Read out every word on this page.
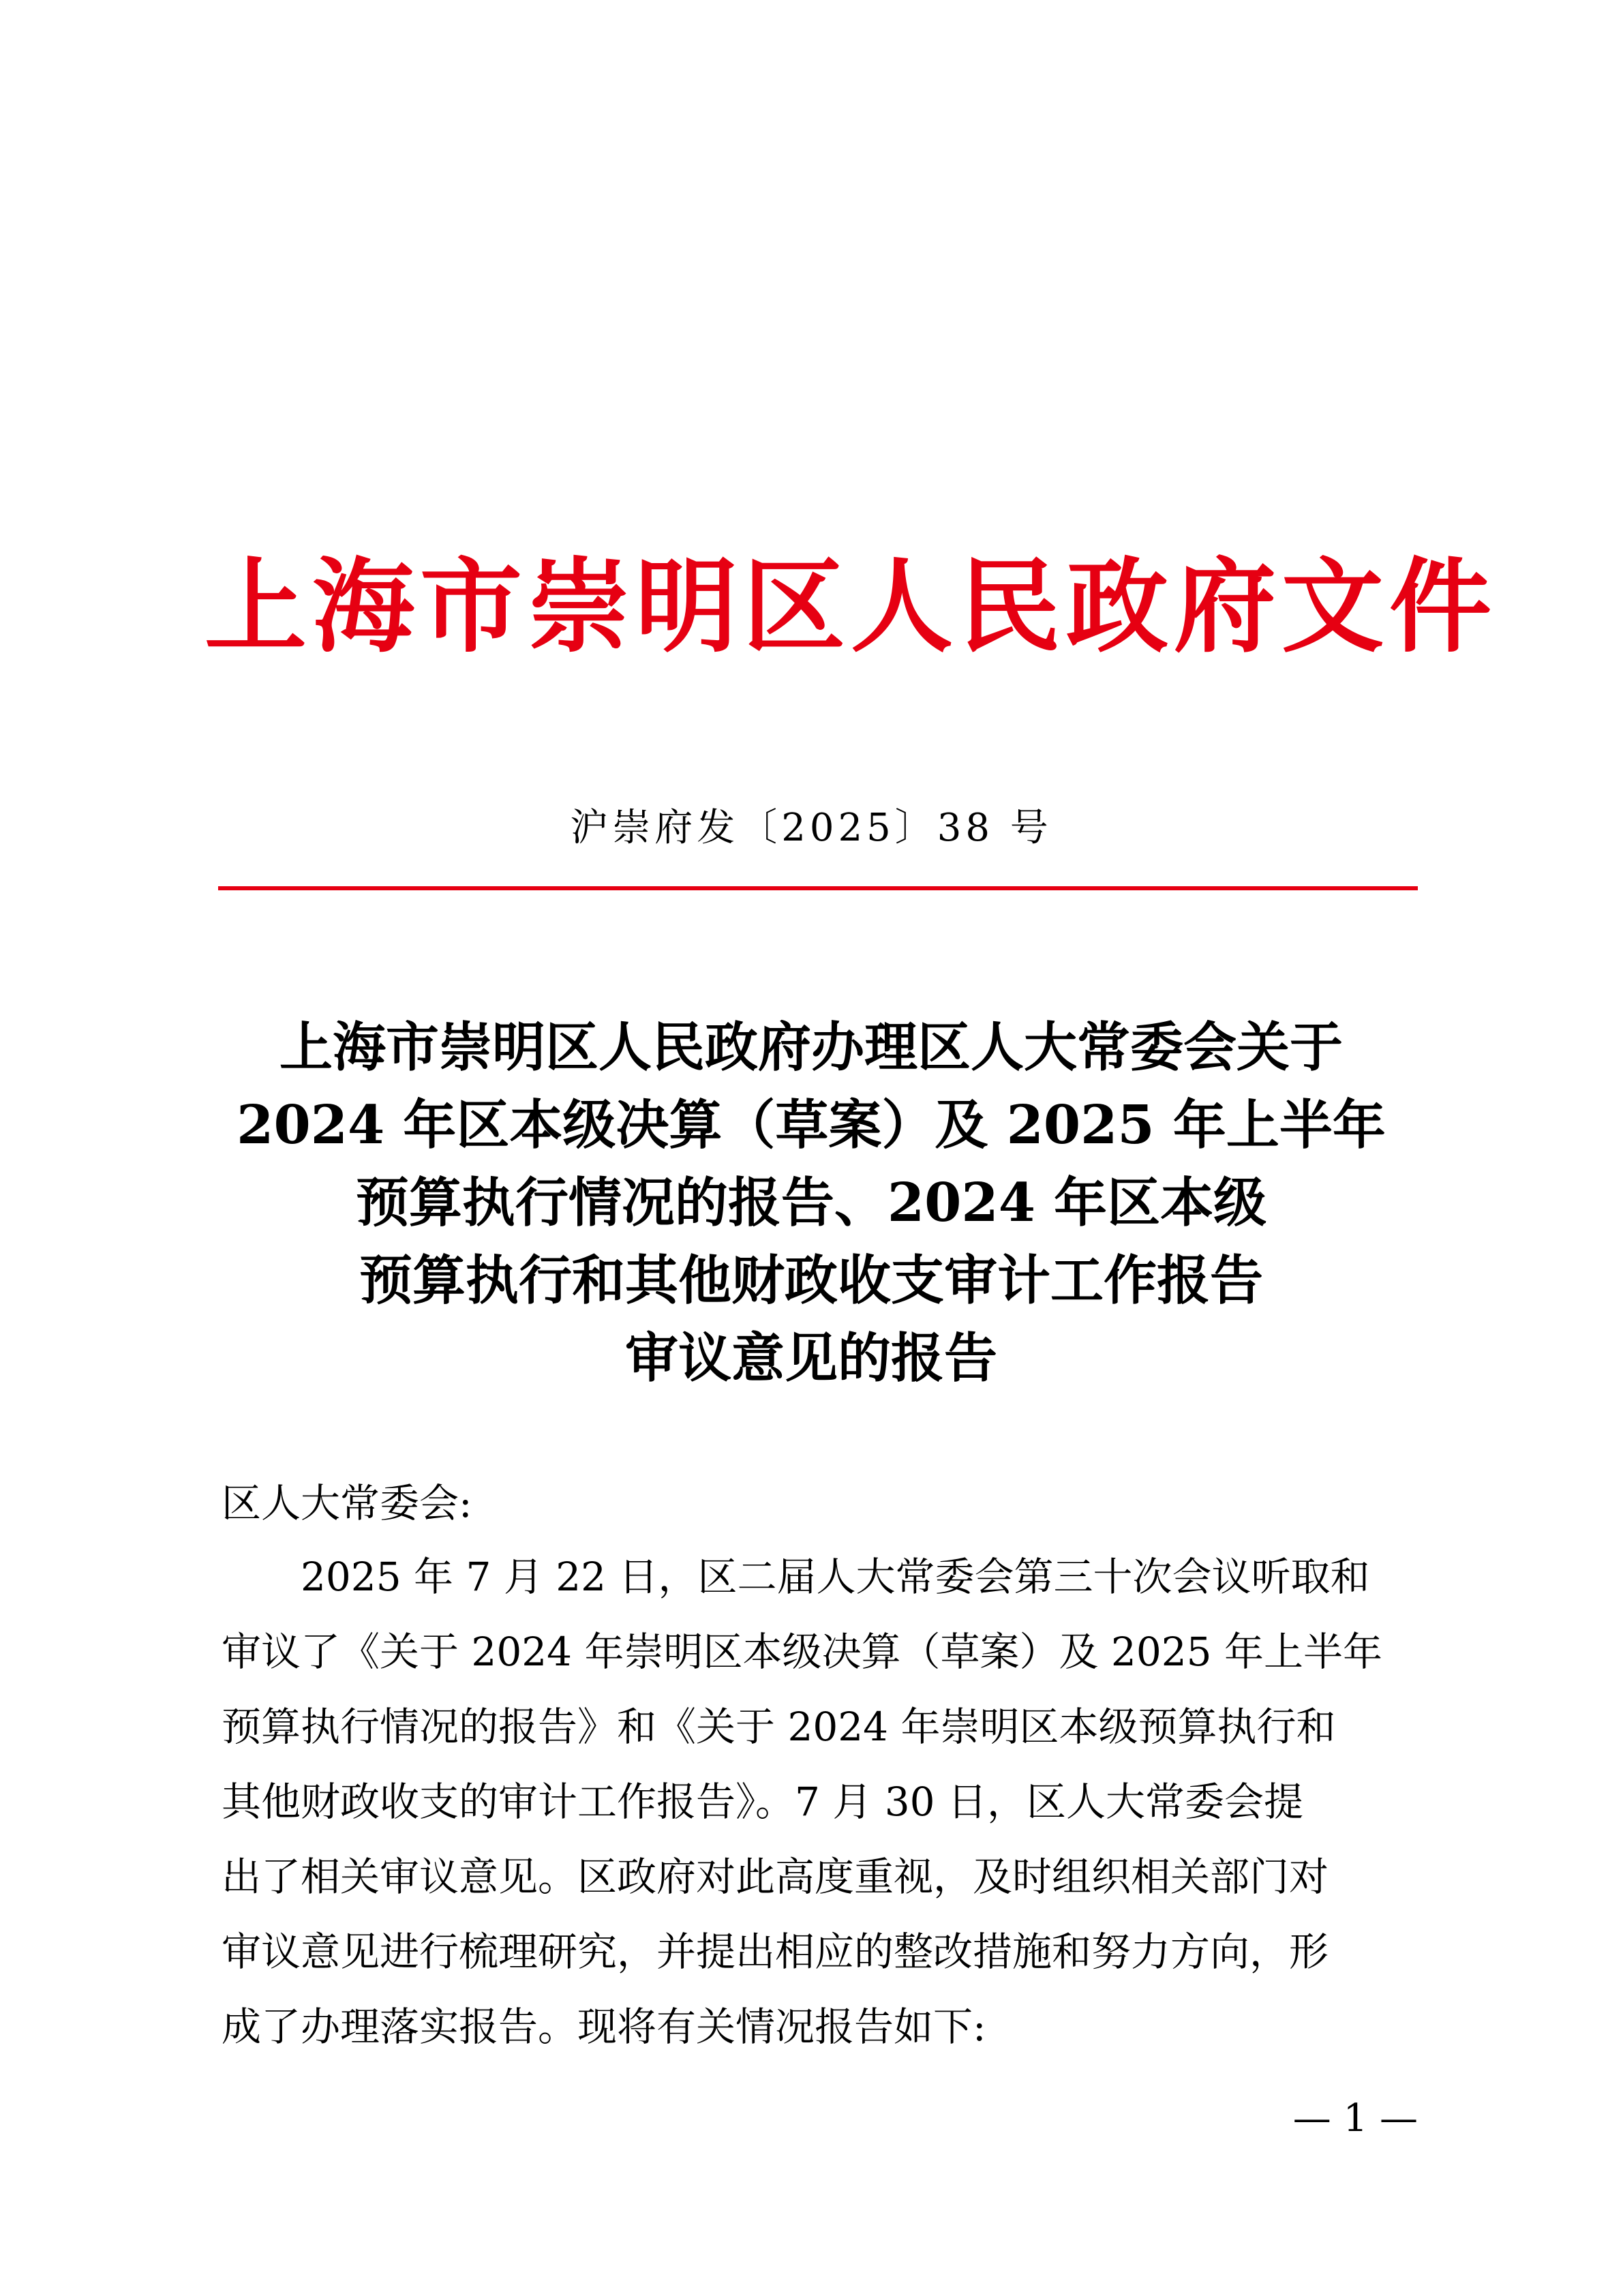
上海市崇明区人民政府文件
沪崇府发〔2025〕38 号
上海市崇明区人民政府办理区人大常委会关于
2024 年区本级决算（草案）及 2025 年上半年
预算执行情况的报告、2024 年区本级
预算执行和其他财政收支审计工作报告
审议意见的报告
区人大常委会:
2025 年 7 月 22 日，区二届人大常委会第三十次会议听取和
审议了《关于 2024 年崇明区本级决算（草案）及 2025 年上半年
预算执行情况的报告》和《关于 2024 年崇明区本级预算执行和
其他财政收支的审计工作报告》。7 月 30 日，区人大常委会提
出了相关审议意见。区政府对此高度重视，及时组织相关部门对
审议意见进行梳理研究，并提出相应的整改措施和努力方向，形
成了办理落实报告。现将有关情况报告如下:
— 1 —
